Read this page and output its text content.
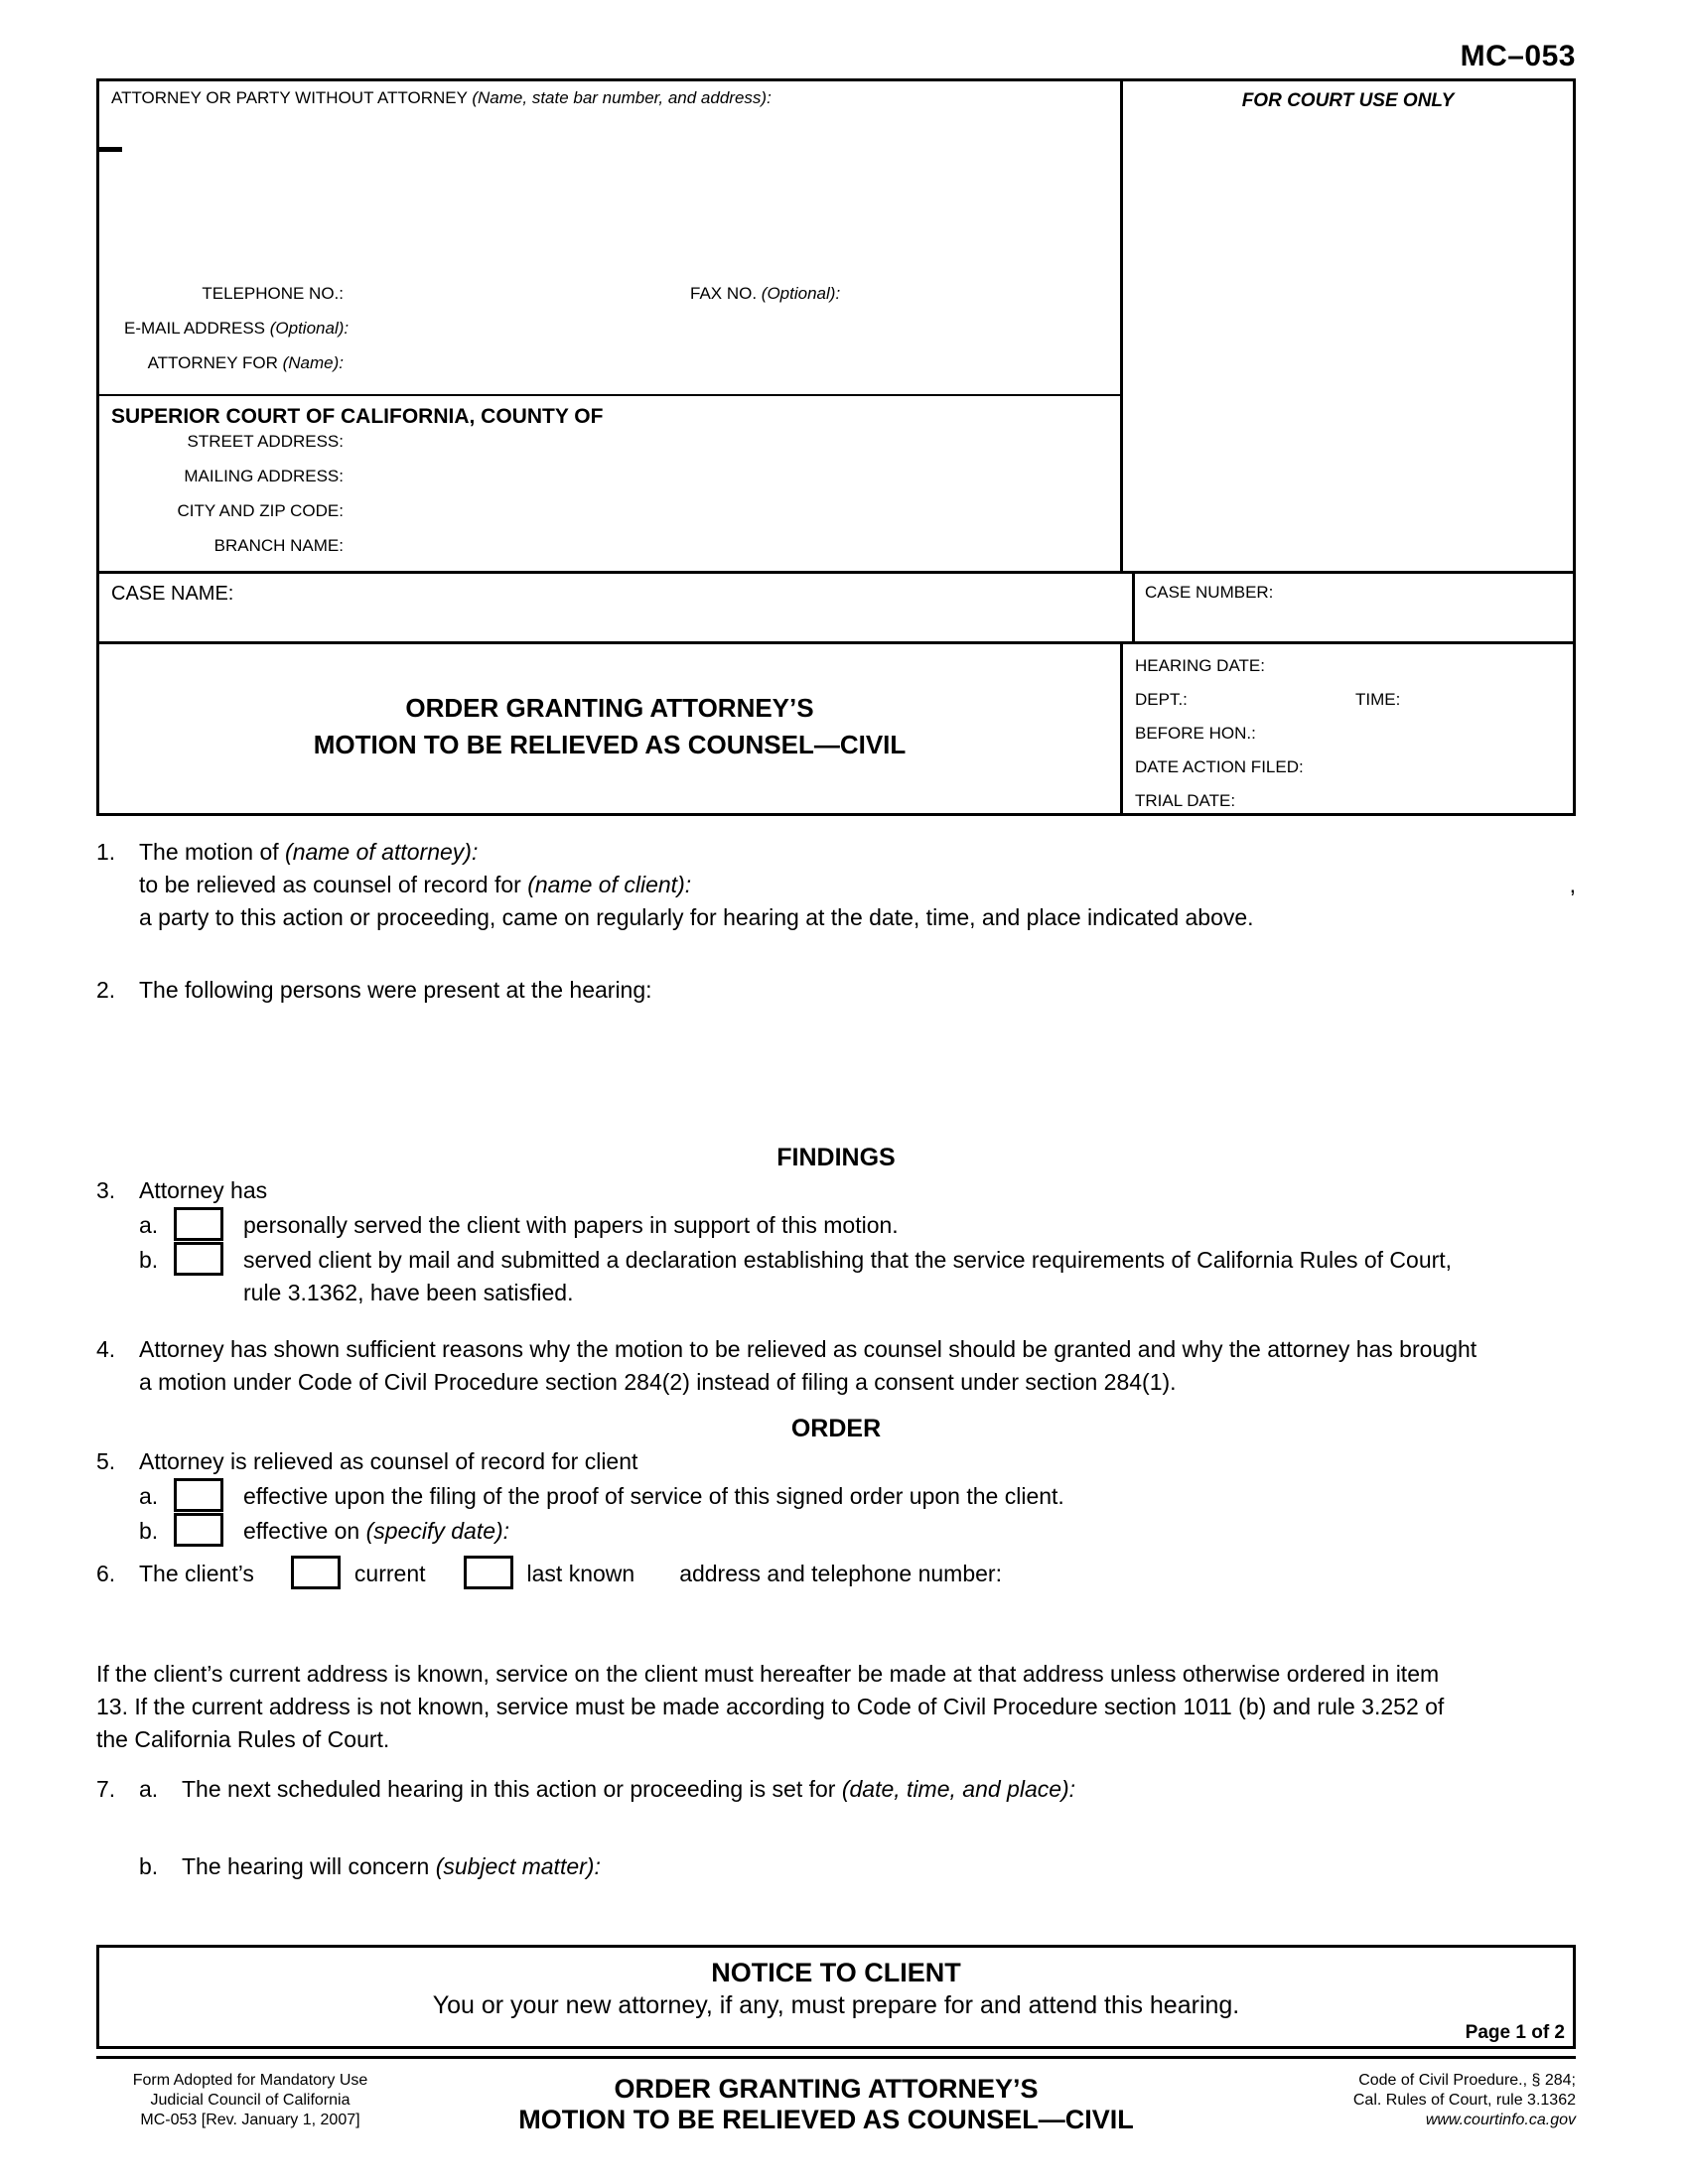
MC–053
ATTORNEY OR PARTY WITHOUT ATTORNEY (Name, state bar number, and address):
TELEPHONE NO.:	FAX NO. (Optional):
E-MAIL ADDRESS (Optional):
ATTORNEY FOR (Name):
SUPERIOR COURT OF CALIFORNIA, COUNTY OF
STREET ADDRESS:
MAILING ADDRESS:
CITY AND ZIP CODE:
BRANCH NAME:
FOR COURT USE ONLY
CASE NAME:	CASE NUMBER:
ORDER GRANTING ATTORNEY’S
MOTION TO BE RELIEVED AS COUNSEL—CIVIL
HEARING DATE:
DEPT.:	TIME:
BEFORE HON.:
DATE ACTION FILED:
TRIAL DATE:
1. The motion of (name of attorney):
to be relieved as counsel of record for (name of client):	,
a party to this action or proceeding, came on regularly for hearing at the date, time, and place indicated above.
2. The following persons were present at the hearing:
FINDINGS
3. Attorney has
a.	personally served the client with papers in support of this motion.
b.	served client by mail and submitted a declaration establishing that the service requirements of California Rules of Court,
rule 3.1362, have been satisfied.
4. Attorney has shown sufficient reasons why the motion to be relieved as counsel should be granted and why the attorney has brought
a motion under Code of Civil Procedure section 284(2) instead of filing a consent under section 284(1).
ORDER
5. Attorney is relieved as counsel of record for client
a.	effective upon the filing of the proof of service of this signed order upon the client.
b.	effective on (specify date):
6. The client’s	current	last known address and telephone number:
If the client’s current address is known, service on the client must hereafter be made at that address unless otherwise ordered in item
13. If the current address is not known, service must be made according to Code of Civil Procedure section 1011 (b) and rule 3.252 of
the California Rules of Court.
7. a. The next scheduled hearing in this action or proceeding is set for (date, time, and place):
b. The hearing will concern (subject matter):
NOTICE TO CLIENT
You or your new attorney, if any, must prepare for and attend this hearing.
Page 1 of 2
Form Adopted for Mandatory Use
Judicial Council of California
MC-053 [Rev. January 1, 2007]
ORDER GRANTING ATTORNEY’S
MOTION TO BE RELIEVED AS COUNSEL—CIVIL
Code of Civil Proedure., § 284;
Cal. Rules of Court, rule 3.1362
www.courtinfo.ca.gov
